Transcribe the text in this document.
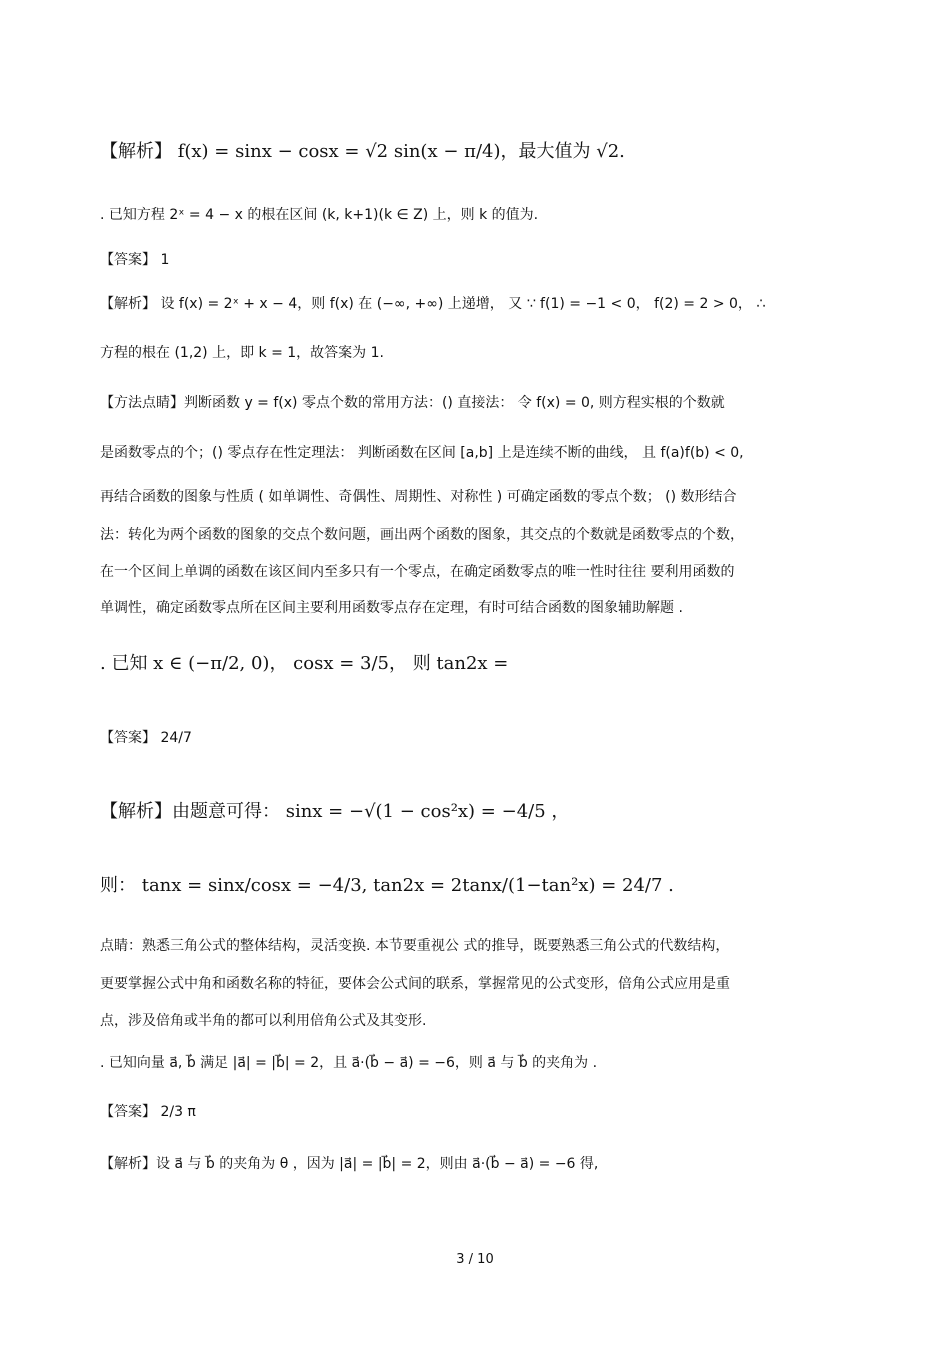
【解析】 f(x) = sinx − cosx = √2 sin(x − π/4)，最大值为 √2.
. 已知方程 2ˣ = 4 − x 的根在区间 (k, k+1)(k ∈ Z) 上，则 k 的值为.
【答案】 1
【解析】 设 f(x) = 2ˣ + x − 4，则 f(x) 在 (−∞, +∞) 上递增， 又 ∵ f(1) = −1 < 0， f(2) = 2 > 0， ∴
方程的根在 (1,2) 上，即 k = 1，故答案为 1.
【方法点睛】判断函数 y = f(x) 零点个数的常用方法：() 直接法： 令 f(x) = 0, 则方程实根的个数就
是函数零点的个；() 零点存在性定理法： 判断函数在区间 [a,b] 上是连续不断的曲线， 且 f(a)f(b) < 0,
再结合函数的图象与性质 ( 如单调性、奇偶性、周期性、对称性 ) 可确定函数的零点个数； () 数形结合
法：转化为两个函数的图象的交点个数问题，画出两个函数的图象，其交点的个数就是函数零点的个数，
在一个区间上单调的函数在该区间内至多只有一个零点，在确定函数零点的唯一性时往往 要利用函数的
单调性，确定函数零点所在区间主要利用函数零点存在定理，有时可结合函数的图象辅助解题 .
. 已知 x ∈ (−π/2, 0)， cosx = 3/5， 则 tan2x =
【答案】 24/7
【解析】由题意可得： sinx = −√(1 − cos²x) = −4/5 ，
则： tanx = sinx/cosx = −4/3, tan2x = 2tanx/(1−tan²x) = 24/7 .
点睛：熟悉三角公式的整体结构，灵活变换. 本节要重视公 式的推导，既要熟悉三角公式的代数结构，
更要掌握公式中角和函数名称的特征，要体会公式间的联系，掌握常见的公式变形，倍角公式应用是重
点，涉及倍角或半角的都可以利用倍角公式及其变形.
. 已知向量 a⃗, b⃗ 满足 |a⃗| = |b⃗| = 2，且 a⃗·(b⃗ − a⃗) = −6，则 a⃗ 与 b⃗ 的夹角为 .
【答案】 2/3 π
【解析】设 a⃗ 与 b⃗ 的夹角为 θ ，因为 |a⃗| = |b⃗| = 2，则由 a⃗·(b⃗ − a⃗) = −6 得,
3 / 10
